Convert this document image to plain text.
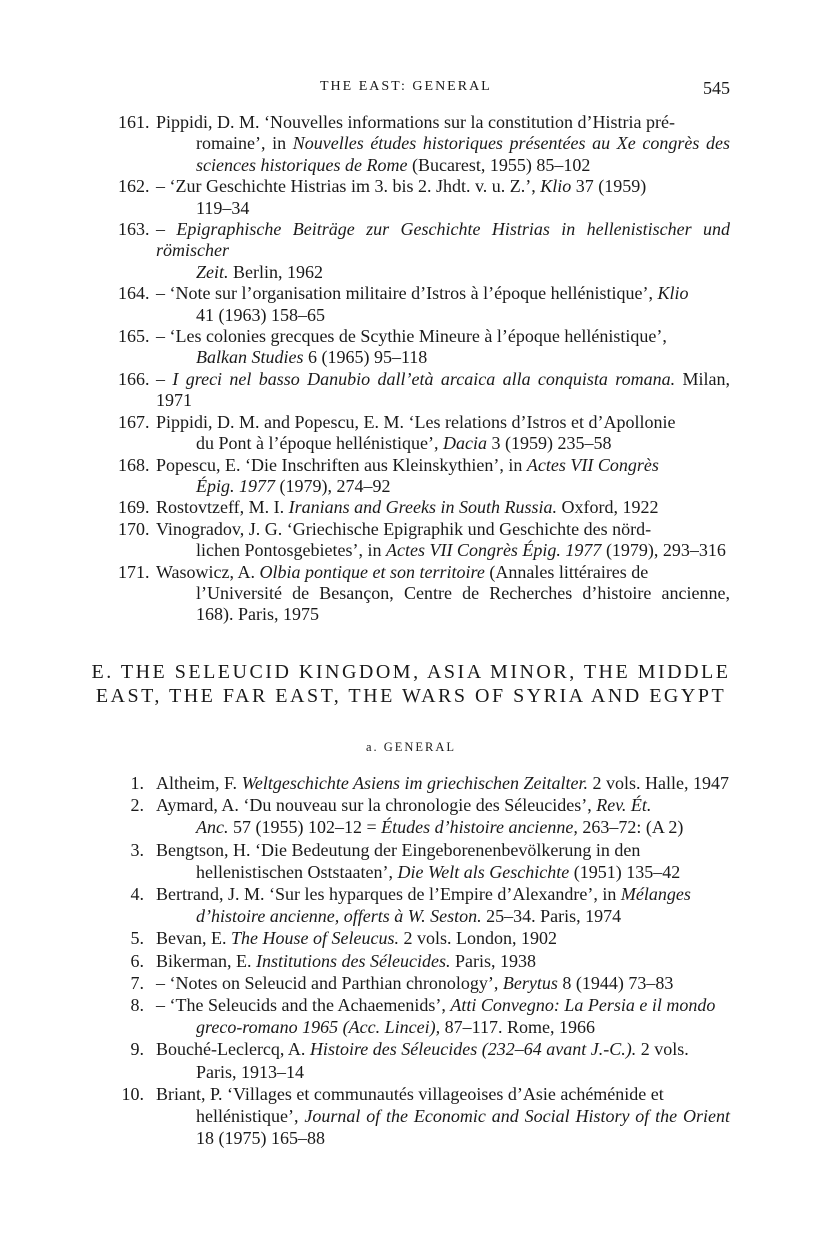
THE EAST: GENERAL	545
161. Pippidi, D. M. ‘Nouvelles informations sur la constitution d’Histria pré-
romaine’, in Nouvelles études historiques présentées au Xe congrès des sciences historiques de Rome (Bucarest, 1955) 85–102
162. – ‘Zur Geschichte Histrias im 3. bis 2. Jhdt. v. u. Z.’, Klio 37 (1959)
119–34
163. – Epigraphische Beiträge zur Geschichte Histrias in hellenistischer und römischer
Zeit. Berlin, 1962
164. – ‘Note sur l’organisation militaire d’Istros à l’époque hellénistique’, Klio
41 (1963) 158–65
165. – ‘Les colonies grecques de Scythie Mineure à l’époque hellénistique’,
Balkan Studies 6 (1965) 95–118
166. – I greci nel basso Danubio dall’età arcaica alla conquista romana. Milan, 1971
167. Pippidi, D. M. and Popescu, E. M. ‘Les relations d’Istros et d’Apollonie
du Pont à l’époque hellénistique’, Dacia 3 (1959) 235–58
168. Popescu, E. ‘Die Inschriften aus Kleinskythien’, in Actes VII Congrès
Épig. 1977 (1979), 274–92
169. Rostovtzeff, M. I. Iranians and Greeks in South Russia. Oxford, 1922
170. Vinogradov, J. G. ‘Griechische Epigraphik und Geschichte des nörd-
lichen Pontosgebietes’, in Actes VII Congrès Épig. 1977 (1979), 293–316
171. Wasowicz, A. Olbia pontique et son territoire (Annales littéraires de
l’Université de Besançon, Centre de Recherches d’histoire ancienne, 168). Paris, 1975
E. THE SELEUCID KINGDOM, ASIA MINOR, THE MIDDLE EAST, THE FAR EAST, THE WARS OF SYRIA AND EGYPT
a. GENERAL
1. Altheim, F. Weltgeschichte Asiens im griechischen Zeitalter. 2 vols. Halle, 1947
2. Aymard, A. ‘Du nouveau sur la chronologie des Séleucides’, Rev. Ét.
Anc. 57 (1955) 102–12 = Études d’histoire ancienne, 263–72: (A 2)
3. Bengtson, H. ‘Die Bedeutung der Eingeborenenbevölkerung in den
hellenistischen Oststaaten’, Die Welt als Geschichte (1951) 135–42
4. Bertrand, J. M. ‘Sur les hyparques de l’Empire d’Alexandre’, in Mélanges
d’histoire ancienne, offerts à W. Seston. 25–34. Paris, 1974
5. Bevan, E. The House of Seleucus. 2 vols. London, 1902
6. Bikerman, E. Institutions des Séleucides. Paris, 1938
7. – ‘Notes on Seleucid and Parthian chronology’, Berytus 8 (1944) 73–83
8. – ‘The Seleucids and the Achaemenids’, Atti Convegno: La Persia e il mondo
greco-romano 1965 (Acc. Lincei), 87–117. Rome, 1966
9. Bouché-Leclercq, A. Histoire des Séleucides (232–64 avant J.-C.). 2 vols.
Paris, 1913–14
10. Briant, P. ‘Villages et communautés villageoises d’Asie achéménide et
hellénistique’, Journal of the Economic and Social History of the Orient 18 (1975) 165–88
